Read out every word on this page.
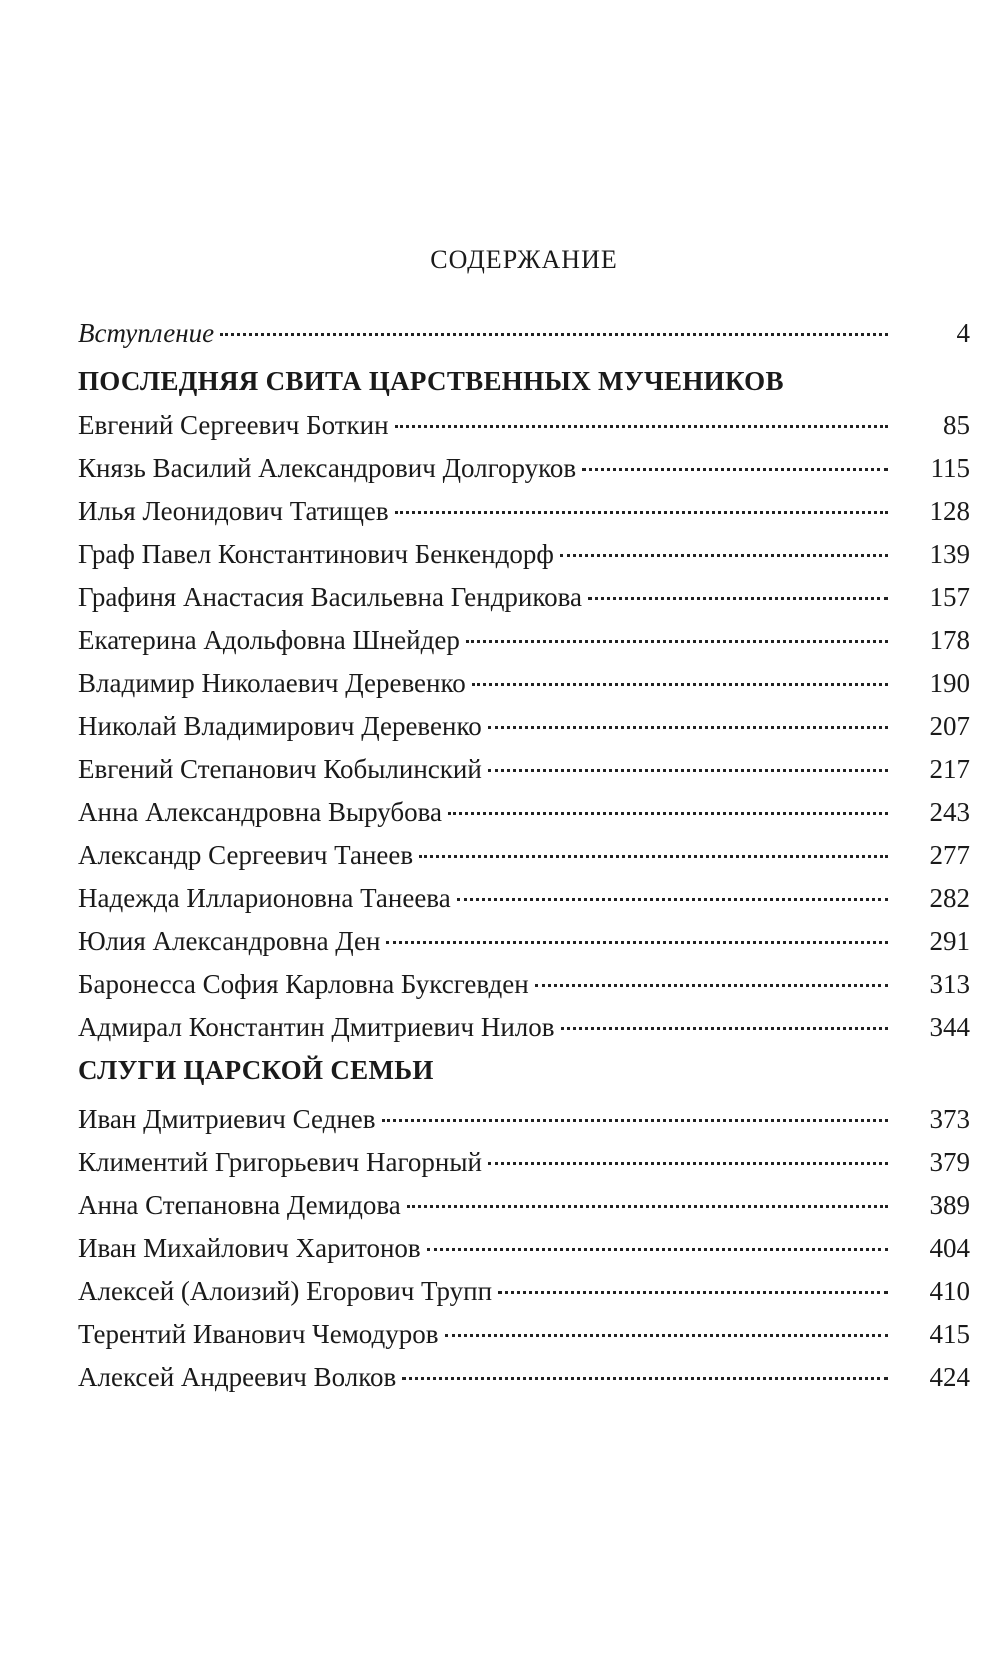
СОДЕРЖАНИЕ
Вступление	4
ПОСЛЕДНЯЯ СВИТА ЦАРСТВЕННЫХ МУЧЕНИКОВ
Евгений Сергеевич Боткин	85
Князь Василий Александрович Долгоруков	115
Илья Леонидович Татищев	128
Граф Павел Константинович Бенкендорф	139
Графиня Анастасия Васильевна Гендрикова	157
Екатерина Адольфовна Шнейдер	178
Владимир Николаевич Деревенко	190
Николай Владимирович Деревенко	207
Евгений Степанович Кобылинский	217
Анна Александровна Вырубова	243
Александр Сергеевич Танеев	277
Надежда Илларионовна Танеева	282
Юлия Александровна Ден	291
Баронесса София Карловна Буксгевден	313
Адмирал Константин Дмитриевич Нилов	344
СЛУГИ ЦАРСКОЙ СЕМЬИ
Иван Дмитриевич Седнев	373
Климентий Григорьевич Нагорный	379
Анна Степановна Демидова	389
Иван Михайлович Харитонов	404
Алексей (Алоизий) Егорович Трупп	410
Терентий Иванович Чемодуров	415
Алексей Андреевич Волков	424
